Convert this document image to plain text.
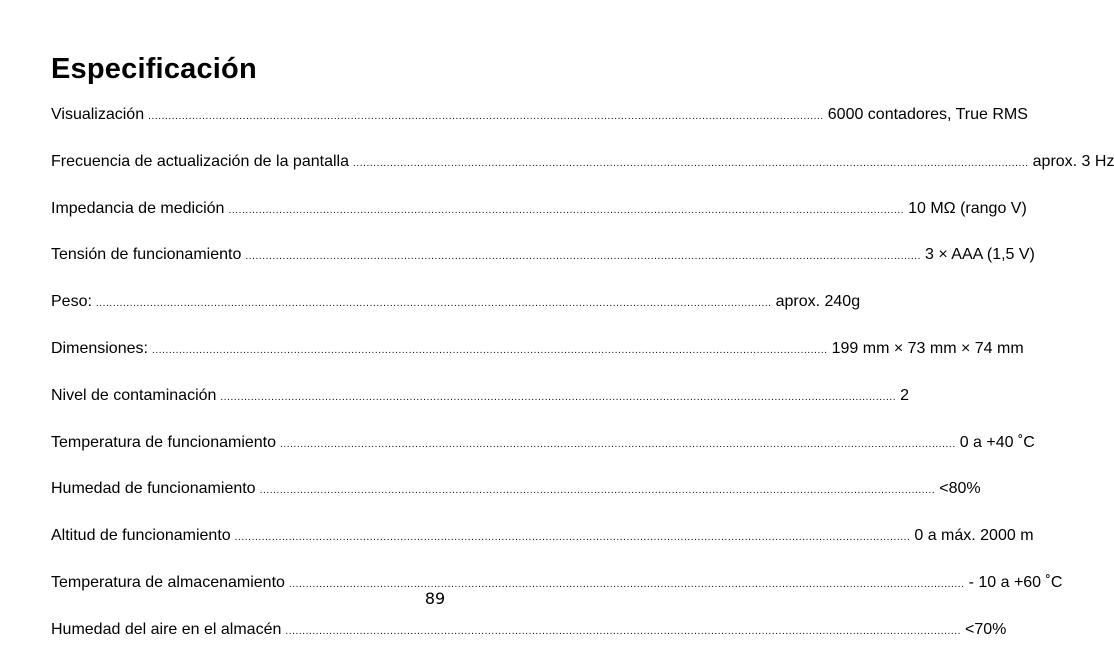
Especificación
Visualización ........................................................................................................................................................................................................ 6000 contadores, True RMS
Frecuencia de actualización de la pantalla ........................................................................................................................................................................................................ aprox. 3 Hz
Impedancia de medición ........................................................................................................................................................................................................ 10 MΩ (rango V)
Tensión de funcionamiento ........................................................................................................................................................................................................ 3 × AAA (1,5 V)
Peso: ........................................................................................................................................................................................................ aprox. 240g
Dimensiones: ........................................................................................................................................................................................................ 199 mm × 73 mm × 74 mm
Nivel de contaminación ........................................................................................................................................................................................................ 2
Temperatura de funcionamiento ........................................................................................................................................................................................................ 0 a +40 ˚C
Humedad de funcionamiento ........................................................................................................................................................................................................ <80%
Altitud de funcionamiento ........................................................................................................................................................................................................ 0 a máx. 2000 m
Temperatura de almacenamiento ........................................................................................................................................................................................................ - 10 a +60 ˚C
Humedad del aire en el almacén ........................................................................................................................................................................................................ <70%
89
